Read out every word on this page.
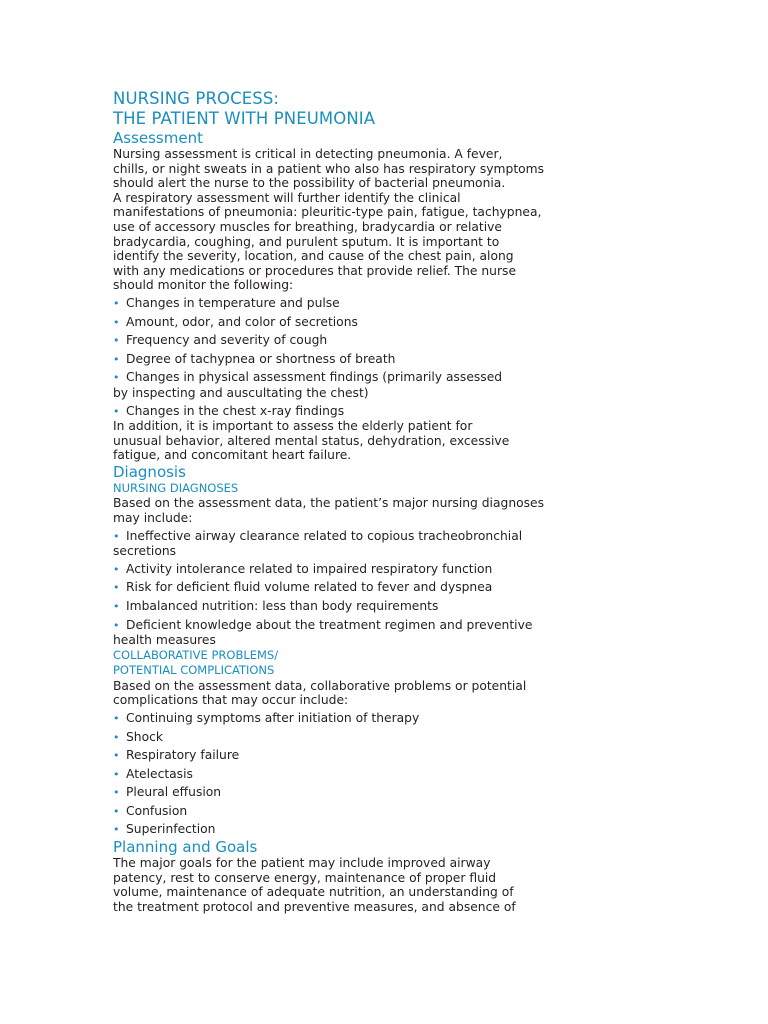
NURSING PROCESS:
THE PATIENT WITH PNEUMONIA
Assessment

Nursing assessment is critical in detecting pneumonia. A fever,
chills, or night sweats in a patient who also has respiratory symptoms
should alert the nurse to the possibility of bacterial pneumonia.

A respiratory assessment will further identify the clinical
manifestations of pneumonia: pleuritic-type pain, fatigue, tachypnea,
use of accessory muscles for breathing, bradycardia or relative
bradycardia, coughing, and purulent sputum. It is important to
identify the severity, location, and cause of the chest pain, along
with any medications or procedures that provide relief. The nurse
should monitor the following:

• Changes in temperature and pulse
• Amount, odor, and color of secretions
• Frequency and severity of cough
• Degree of tachypnea or shortness of breath
• Changes in physical assessment findings (primarily assessed
by inspecting and auscultating the chest)
• Changes in the chest x-ray findings

In addition, it is important to assess the elderly patient for
unusual behavior, altered mental status, dehydration, excessive
fatigue, and concomitant heart failure.

Diagnosis
NURSING DIAGNOSES

Based on the assessment data, the patient’s major nursing diagnoses
may include:

• Ineffective airway clearance related to copious tracheobronchial
secretions
• Activity intolerance related to impaired respiratory function
• Risk for deficient fluid volume related to fever and dyspnea
• Imbalanced nutrition: less than body requirements
• Deficient knowledge about the treatment regimen and preventive
health measures
COLLABORATIVE PROBLEMS/
POTENTIAL COMPLICATIONS

Based on the assessment data, collaborative problems or potential
complications that may occur include:

• Continuing symptoms after initiation of therapy
• Shock
• Respiratory failure
• Atelectasis
• Pleural effusion
• Confusion
• Superinfection
Planning and Goals

The major goals for the patient may include improved airway
patency, rest to conserve energy, maintenance of proper fluid
volume, maintenance of adequate nutrition, an understanding of
the treatment protocol and preventive measures, and absence of
